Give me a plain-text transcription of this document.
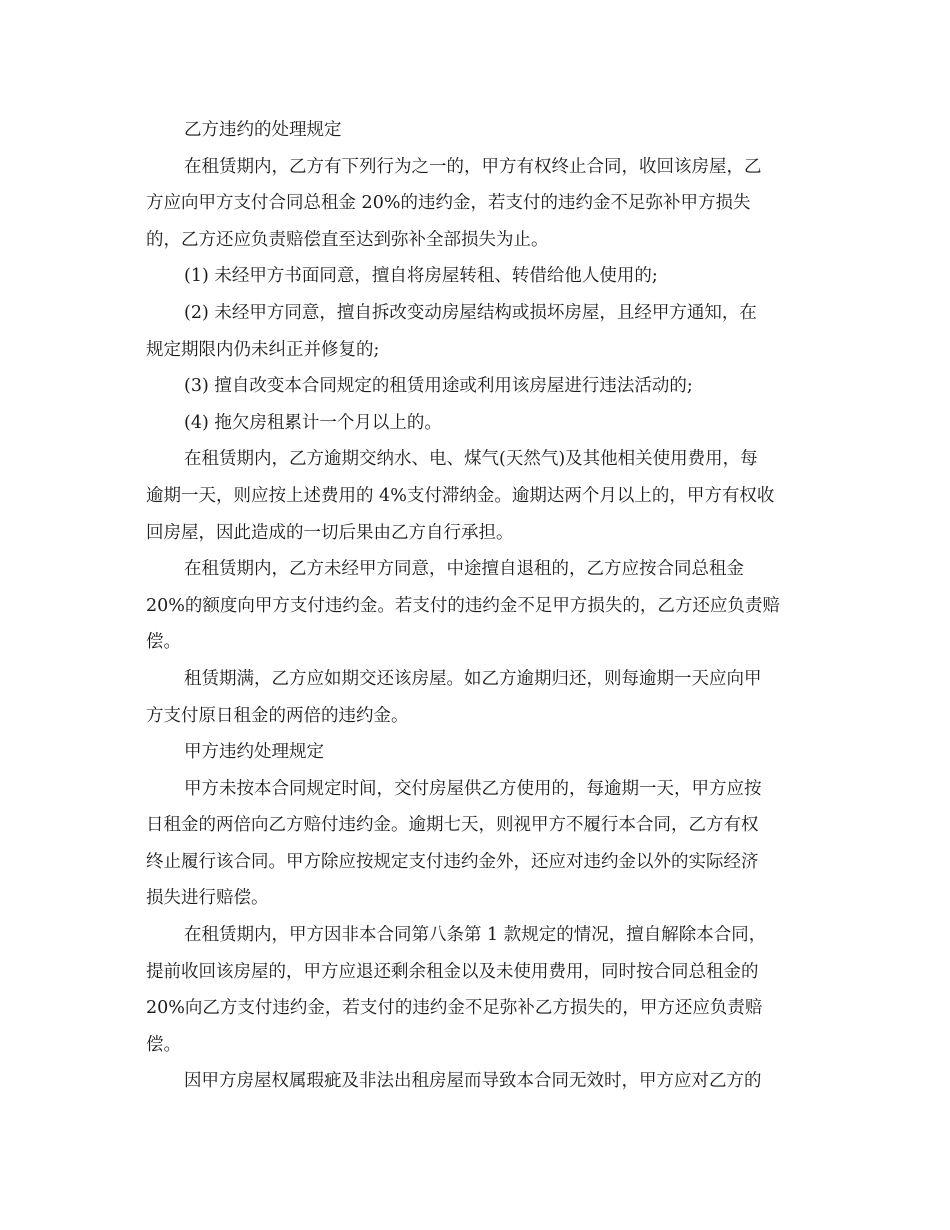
乙方违约的处理规定
在租赁期内，乙方有下列行为之一的，甲方有权终止合同，收回该房屋，乙
方应向甲方支付合同总租金 20%的违约金，若支付的违约金不足弥补甲方损失
的，乙方还应负责赔偿直至达到弥补全部损失为止。
(1) 未经甲方书面同意，擅自将房屋转租、转借给他人使用的;
(2) 未经甲方同意，擅自拆改变动房屋结构或损坏房屋，且经甲方通知，在
规定期限内仍未纠正并修复的;
(3) 擅自改变本合同规定的租赁用途或利用该房屋进行违法活动的;
(4) 拖欠房租累计一个月以上的。
在租赁期内，乙方逾期交纳水、电、煤气(天然气)及其他相关使用费用，每
逾期一天，则应按上述费用的 4%支付滞纳金。逾期达两个月以上的，甲方有权收
回房屋，因此造成的一切后果由乙方自行承担。
在租赁期内，乙方未经甲方同意，中途擅自退租的，乙方应按合同总租金
20%的额度向甲方支付违约金。若支付的违约金不足甲方损失的，乙方还应负责赔
偿。
租赁期满，乙方应如期交还该房屋。如乙方逾期归还，则每逾期一天应向甲
方支付原日租金的两倍的违约金。
甲方违约处理规定
甲方未按本合同规定时间，交付房屋供乙方使用的，每逾期一天，甲方应按
日租金的两倍向乙方赔付违约金。逾期七天，则视甲方不履行本合同，乙方有权
终止履行该合同。甲方除应按规定支付违约金外，还应对违约金以外的实际经济
损失进行赔偿。
在租赁期内，甲方因非本合同第八条第 1 款规定的情况，擅自解除本合同，
提前收回该房屋的，甲方应退还剩余租金以及未使用费用，同时按合同总租金的
20%向乙方支付违约金，若支付的违约金不足弥补乙方损失的，甲方还应负责赔
偿。
因甲方房屋权属瑕疵及非法出租房屋而导致本合同无效时，甲方应对乙方的
